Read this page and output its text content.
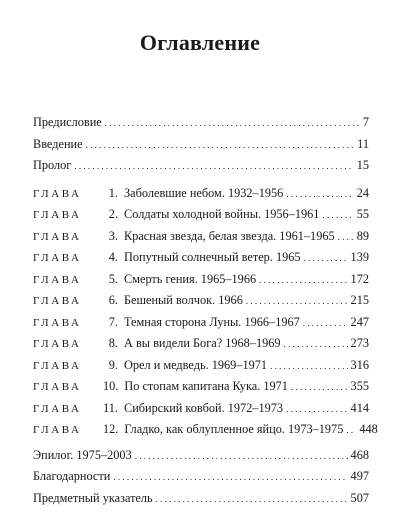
Оглавление
Предисловие . . .	7
Введение . . .	11
Пролог . . .	15
ГЛАВА	1. Заболевшие небом. 1932–1956 . . .	24
ГЛАВА	2. Солдаты холодной войны. 1956–1961 . . .	55
ГЛАВА	3. Красная звезда, белая звезда. 1961–1965 . . . 89
ГЛАВА	4. Попутный солнечный ветер. 1965 . . .	139
ГЛАВА	5. Смерть гения. 1965–1966 . . .	172
ГЛАВА	6. Бешеный волчок. 1966 . . .	215
ГЛАВА	7. Темная сторона Луны. 1966–1967 . . .	247
ГЛАВА	8. А вы видели Бога? 1968–1969 . . .	273
ГЛАВА	9. Орел и медведь. 1969–1971 . . .	316
ГЛАВА	10. По стопам капитана Кука. 1971 . . .	355
ГЛАВА	11. Сибирский ковбой. 1972–1973 . . .	414
ГЛАВА	12. Гладко, как облупленное яйцо. 1973–1975 . . . 448
Эпилог. 1975–2003 . . .	468
Благодарности . . .	497
Предметный указатель . . .	507
